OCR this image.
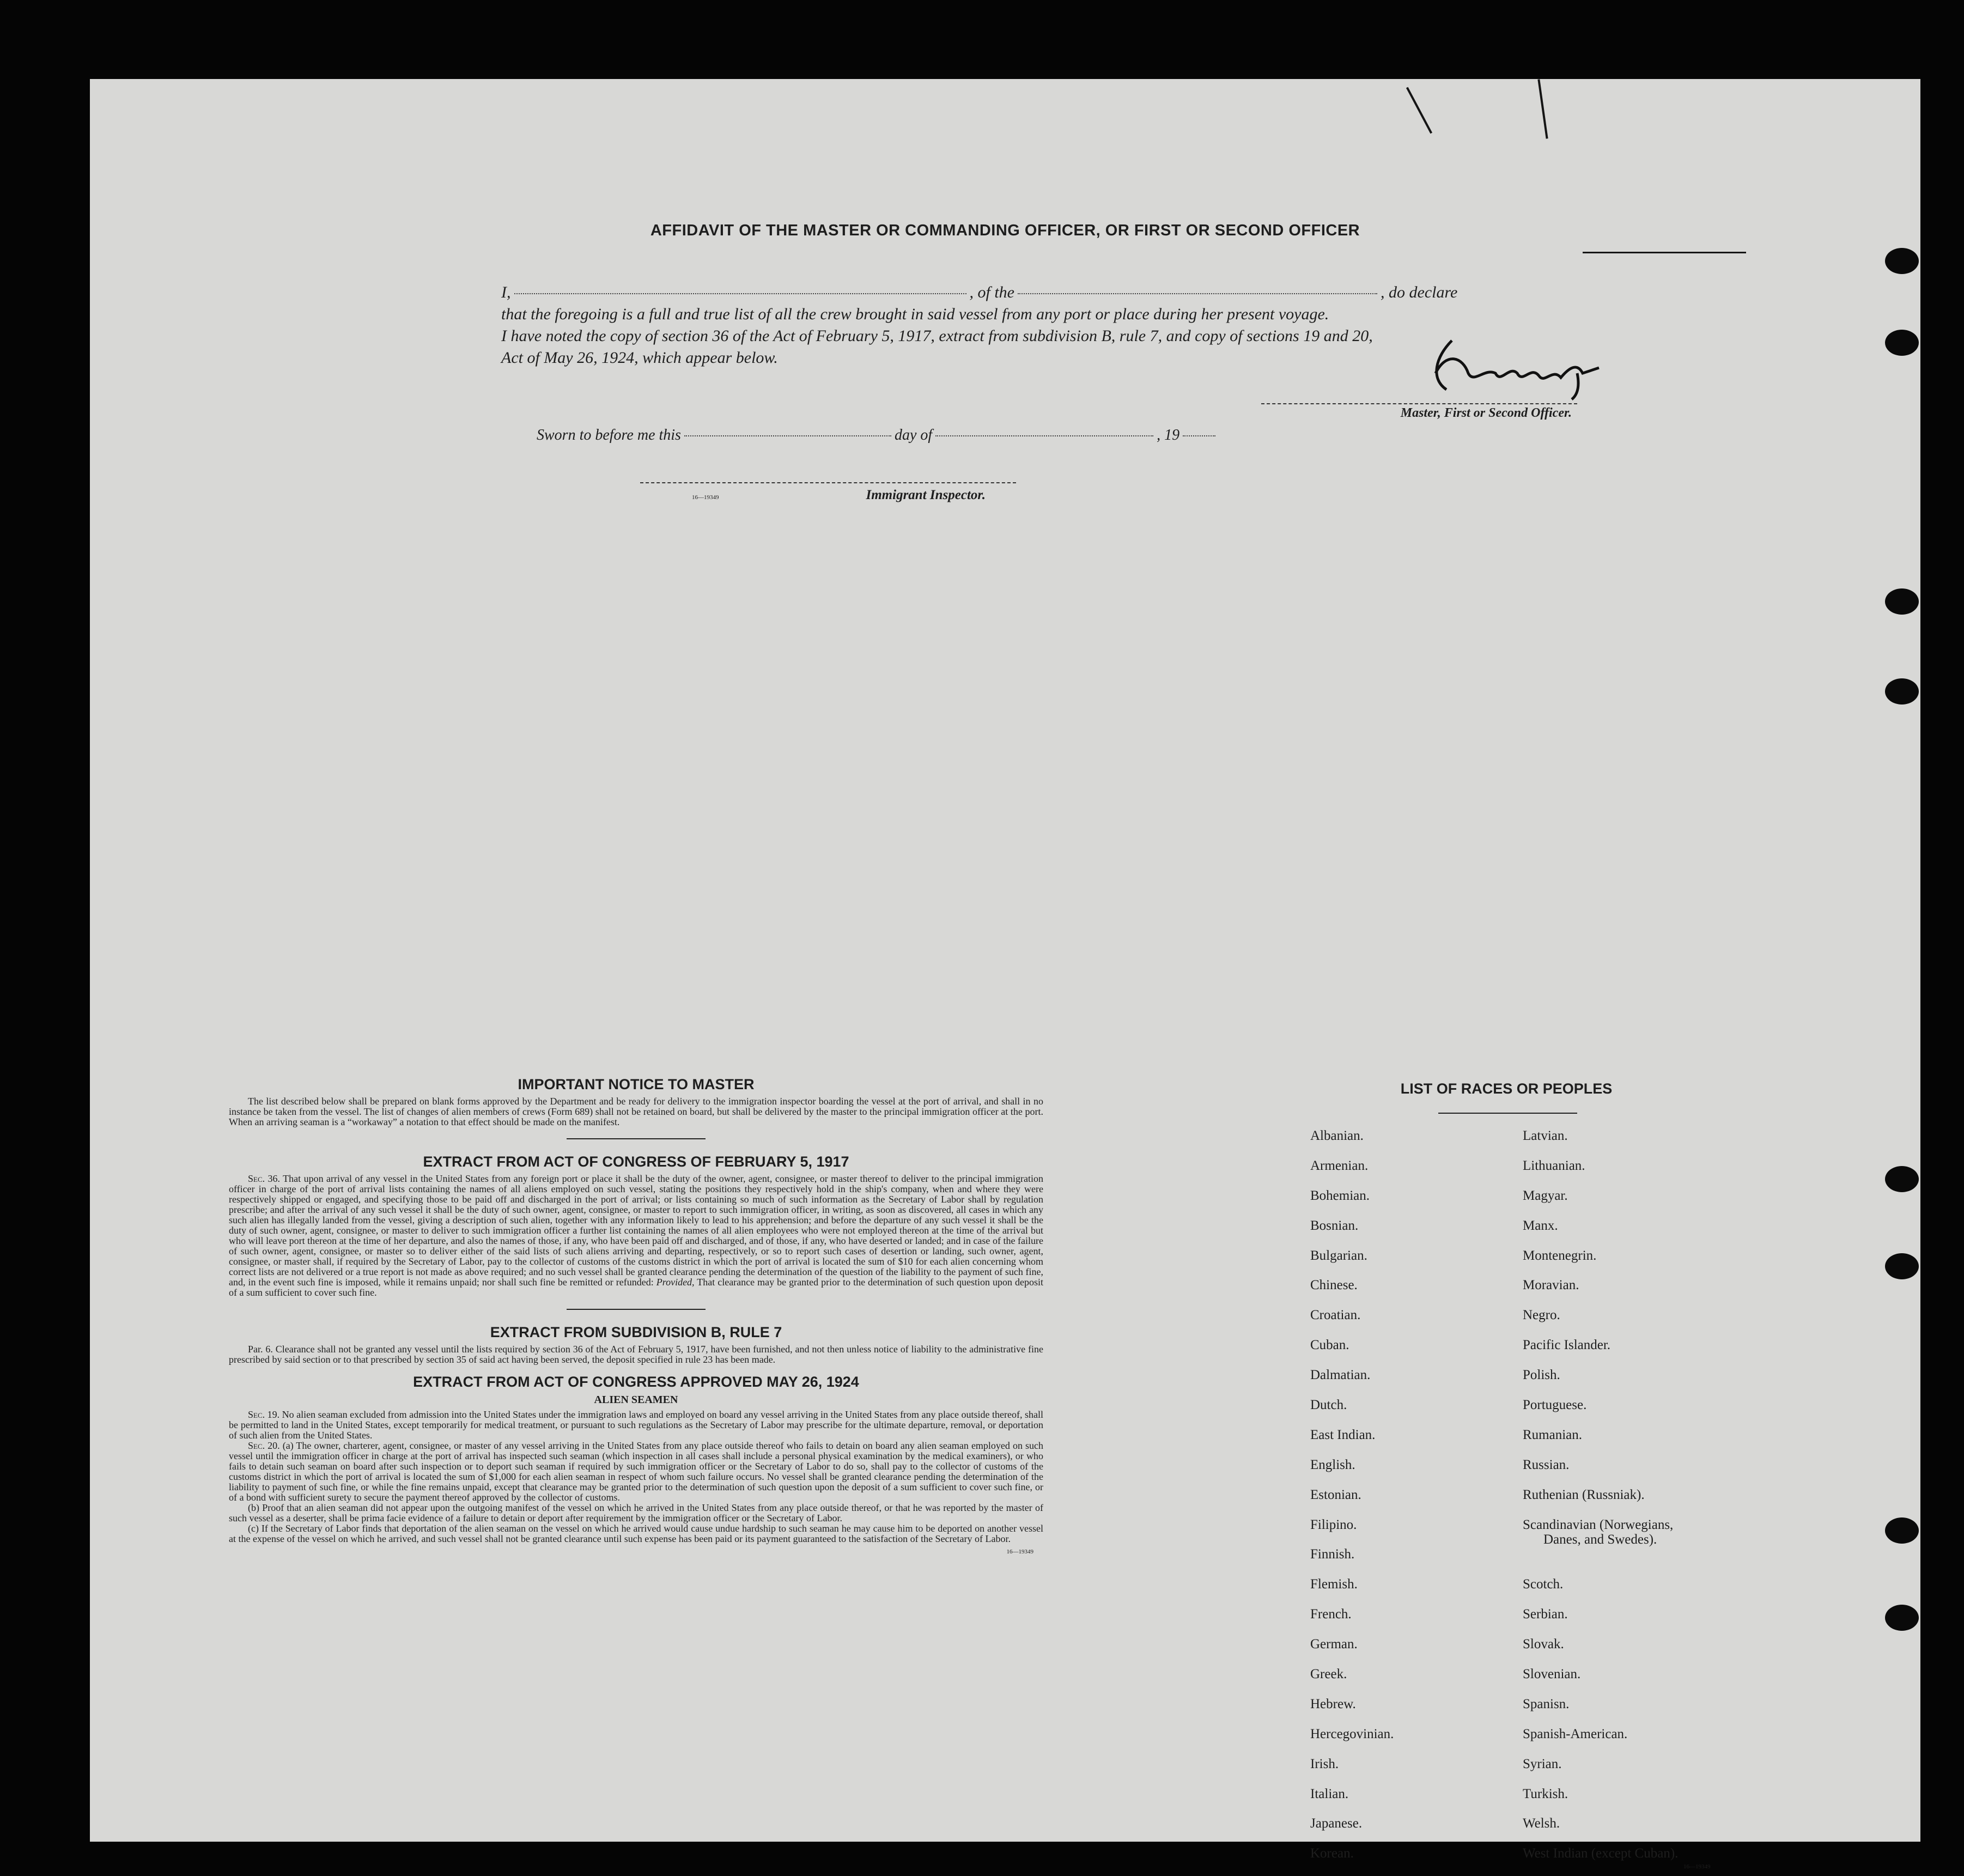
AFFIDAVIT OF THE MASTER OR COMMANDING OFFICER, OR FIRST OR SECOND OFFICER
I,	, of the	, do declare

that the foregoing is a full and true list of all the crew brought in said vessel from any port or place during her present voyage.

I have noted the copy of section 36 of the Act of February 5, 1917, extract from subdivision B, rule 7, and copy of sections 19 and 20,

Act of May 26, 1924, which appear below.

Master, First or Second Officer.
Sworn to before me this	day of	, 19
16—19349	Immigrant Inspector.
IMPORTANT NOTICE TO MASTER

The list described below shall be prepared on blank forms approved by the Department and be ready for delivery to the immigration inspector boarding the vessel at the port of arrival, and shall in no instance be taken from the vessel. The list of changes of alien members of crews (Form 689) shall not be retained on board, but shall be delivered by the master to the principal immigration officer at the port. When an arriving seaman is a “workaway” a notation to that effect should be made on the manifest.

EXTRACT FROM ACT OF CONGRESS OF FEBRUARY 5, 1917

Sec. 36. That upon arrival of any vessel in the United States from any foreign port or place it shall be the duty of the owner, agent, consignee, or master thereof to deliver to the principal immigration officer in charge of the port of arrival lists containing the names of all aliens employed on such vessel, stating the positions they respectively hold in the ship's company, when and where they were respectively shipped or engaged, and specifying those to be paid off and discharged in the port of arrival; or lists containing so much of such information as the Secretary of Labor shall by regulation prescribe; and after the arrival of any such vessel it shall be the duty of such owner, agent, consignee, or master to report to such immigration officer, in writing, as soon as discovered, all cases in which any such alien has illegally landed from the vessel, giving a description of such alien, together with any information likely to lead to his apprehension; and before the departure of any such vessel it shall be the duty of such owner, agent, consignee, or master to deliver to such immigration officer a further list containing the names of all alien employees who were not employed thereon at the time of the arrival but who will leave port thereon at the time of her departure, and also the names of those, if any, who have been paid off and discharged, and of those, if any, who have deserted or landed; and in case of the failure of such owner, agent, consignee, or master so to deliver either of the said lists of such aliens arriving and departing, respectively, or so to report such cases of desertion or landing, such owner, agent, consignee, or master shall, if required by the Secretary of Labor, pay to the collector of customs of the customs district in which the port of arrival is located the sum of $10 for each alien concerning whom correct lists are not delivered or a true report is not made as above required; and no such vessel shall be granted clearance pending the determination of the question of the liability to the payment of such fine, and, in the event such fine is imposed, while it remains unpaid; nor shall such fine be remitted or refunded: Provided, That clearance may be granted prior to the determination of such question upon deposit of a sum sufficient to cover such fine.

EXTRACT FROM SUBDIVISION B, RULE 7

Par. 6. Clearance shall not be granted any vessel until the lists required by section 36 of the Act of February 5, 1917, have been furnished, and not then unless notice of liability to the administrative fine prescribed by said section or to that prescribed by section 35 of said act having been served, the deposit specified in rule 23 has been made.

EXTRACT FROM ACT OF CONGRESS APPROVED MAY 26, 1924
ALIEN SEAMEN

Sec. 19. No alien seaman excluded from admission into the United States under the immigration laws and employed on board any vessel arriving in the United States from any place outside thereof, shall be permitted to land in the United States, except temporarily for medical treatment, or pursuant to such regulations as the Secretary of Labor may prescribe for the ultimate departure, removal, or deportation of such alien from the United States.

Sec. 20. (a) The owner, charterer, agent, consignee, or master of any vessel arriving in the United States from any place outside thereof who fails to detain on board any alien seaman employed on such vessel until the immigration officer in charge at the port of arrival has inspected such seaman (which inspection in all cases shall include a personal physical examination by the medical examiners), or who fails to detain such seaman on board after such inspection or to deport such seaman if required by such immigration officer or the Secretary of Labor to do so, shall pay to the collector of customs of the customs district in which the port of arrival is located the sum of $1,000 for each alien seaman in respect of whom such failure occurs. No vessel shall be granted clearance pending the determination of the liability to payment of such fine, or while the fine remains unpaid, except that clearance may be granted prior to the determination of such question upon the deposit of a sum sufficient to cover such fine, or of a bond with sufficient surety to secure the payment thereof approved by the collector of customs.

(b) Proof that an alien seaman did not appear upon the outgoing manifest of the vessel on which he arrived in the United States from any place outside thereof, or that he was reported by the master of such vessel as a deserter, shall be prima facie evidence of a failure to detain or deport after requirement by the immigration officer or the Secretary of Labor.

(c) If the Secretary of Labor finds that deportation of the alien seaman on the vessel on which he arrived would cause undue hardship to such seaman he may cause him to be deported on another vessel at the expense of the vessel on which he arrived, and such vessel shall not be granted clearance until such expense has been paid or its payment guaranteed to the satisfaction of the Secretary of Labor.

16—19349
LIST OF RACES OR PEOPLES
Albanian.	Latvian.
Armenian.	Lithuanian.
Bohemian.	Magyar.
Bosnian.	Manx.
Bulgarian.	Montenegrin.
Chinese.	Moravian.
Croatian.	Negro.
Cuban.	Pacific Islander.
Dalmatian.	Polish.
Dutch.	Portuguese.
East Indian.	Rumanian.
English.	Russian.
Estonian.	Ruthenian (Russniak).
Filipino.	Scandinavian (Norwegians,
Danes, and Swedes).
Finnish.
Flemish.	Scotch.
French.	Serbian.
German.	Slovak.
Greek.	Slovenian.
Hebrew.	Spanisn.
Hercegovinian.	Spanish-American.
Irish.	Syrian.
Italian.	Turkish.
Japanese.	Welsh.
Korean.	West Indian (except Cuban).
16—19349
